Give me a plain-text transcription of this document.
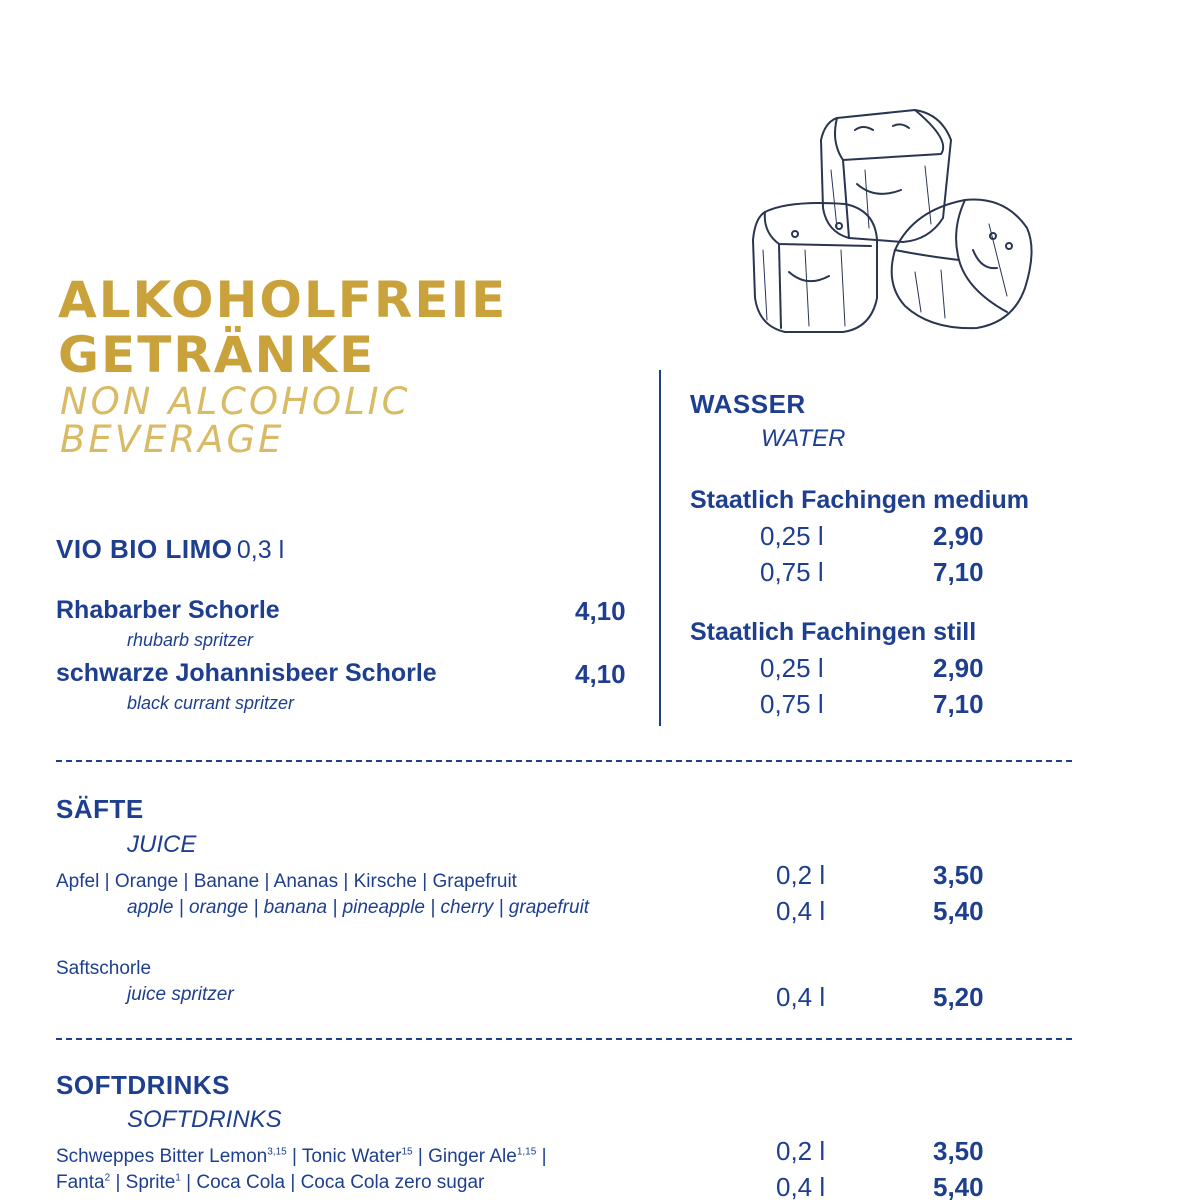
ALKOHOLFREIE
GETRÄNKE
NON ALCOHOLIC
BEVERAGE
VIO BIO LIMO 0,3 l
Rhabarber Schorle	4,10
rhubarb spritzer
schwarze Johannisbeer Schorle	4,10
black currant spritzer
WASSER
WATER
Staatlich Fachingen medium
0,25 l	2,90
0,75 l	7,10
Staatlich Fachingen still
0,25 l	2,90
0,75 l	7,10
SÄFTE
JUICE
Apfel | Orange | Banane | Ananas | Kirsche | Grapefruit
apple | orange | banana | pineapple | cherry | grapefruit
0,2 l	3,50
0,4 l	5,40
Saftschorle
juice spritzer	0,4 l	5,20
SOFTDRINKS
SOFTDRINKS
Schweppes Bitter Lemon$^{3,15}$ | Tonic Water$^{15}$ | Ginger Ale$^{1,15}$ |
Fanta$^2$ | Sprite$^1$ | Coca Cola | Coca Cola zero sugar
0,2 l	3,50
0,4 l	5,40
